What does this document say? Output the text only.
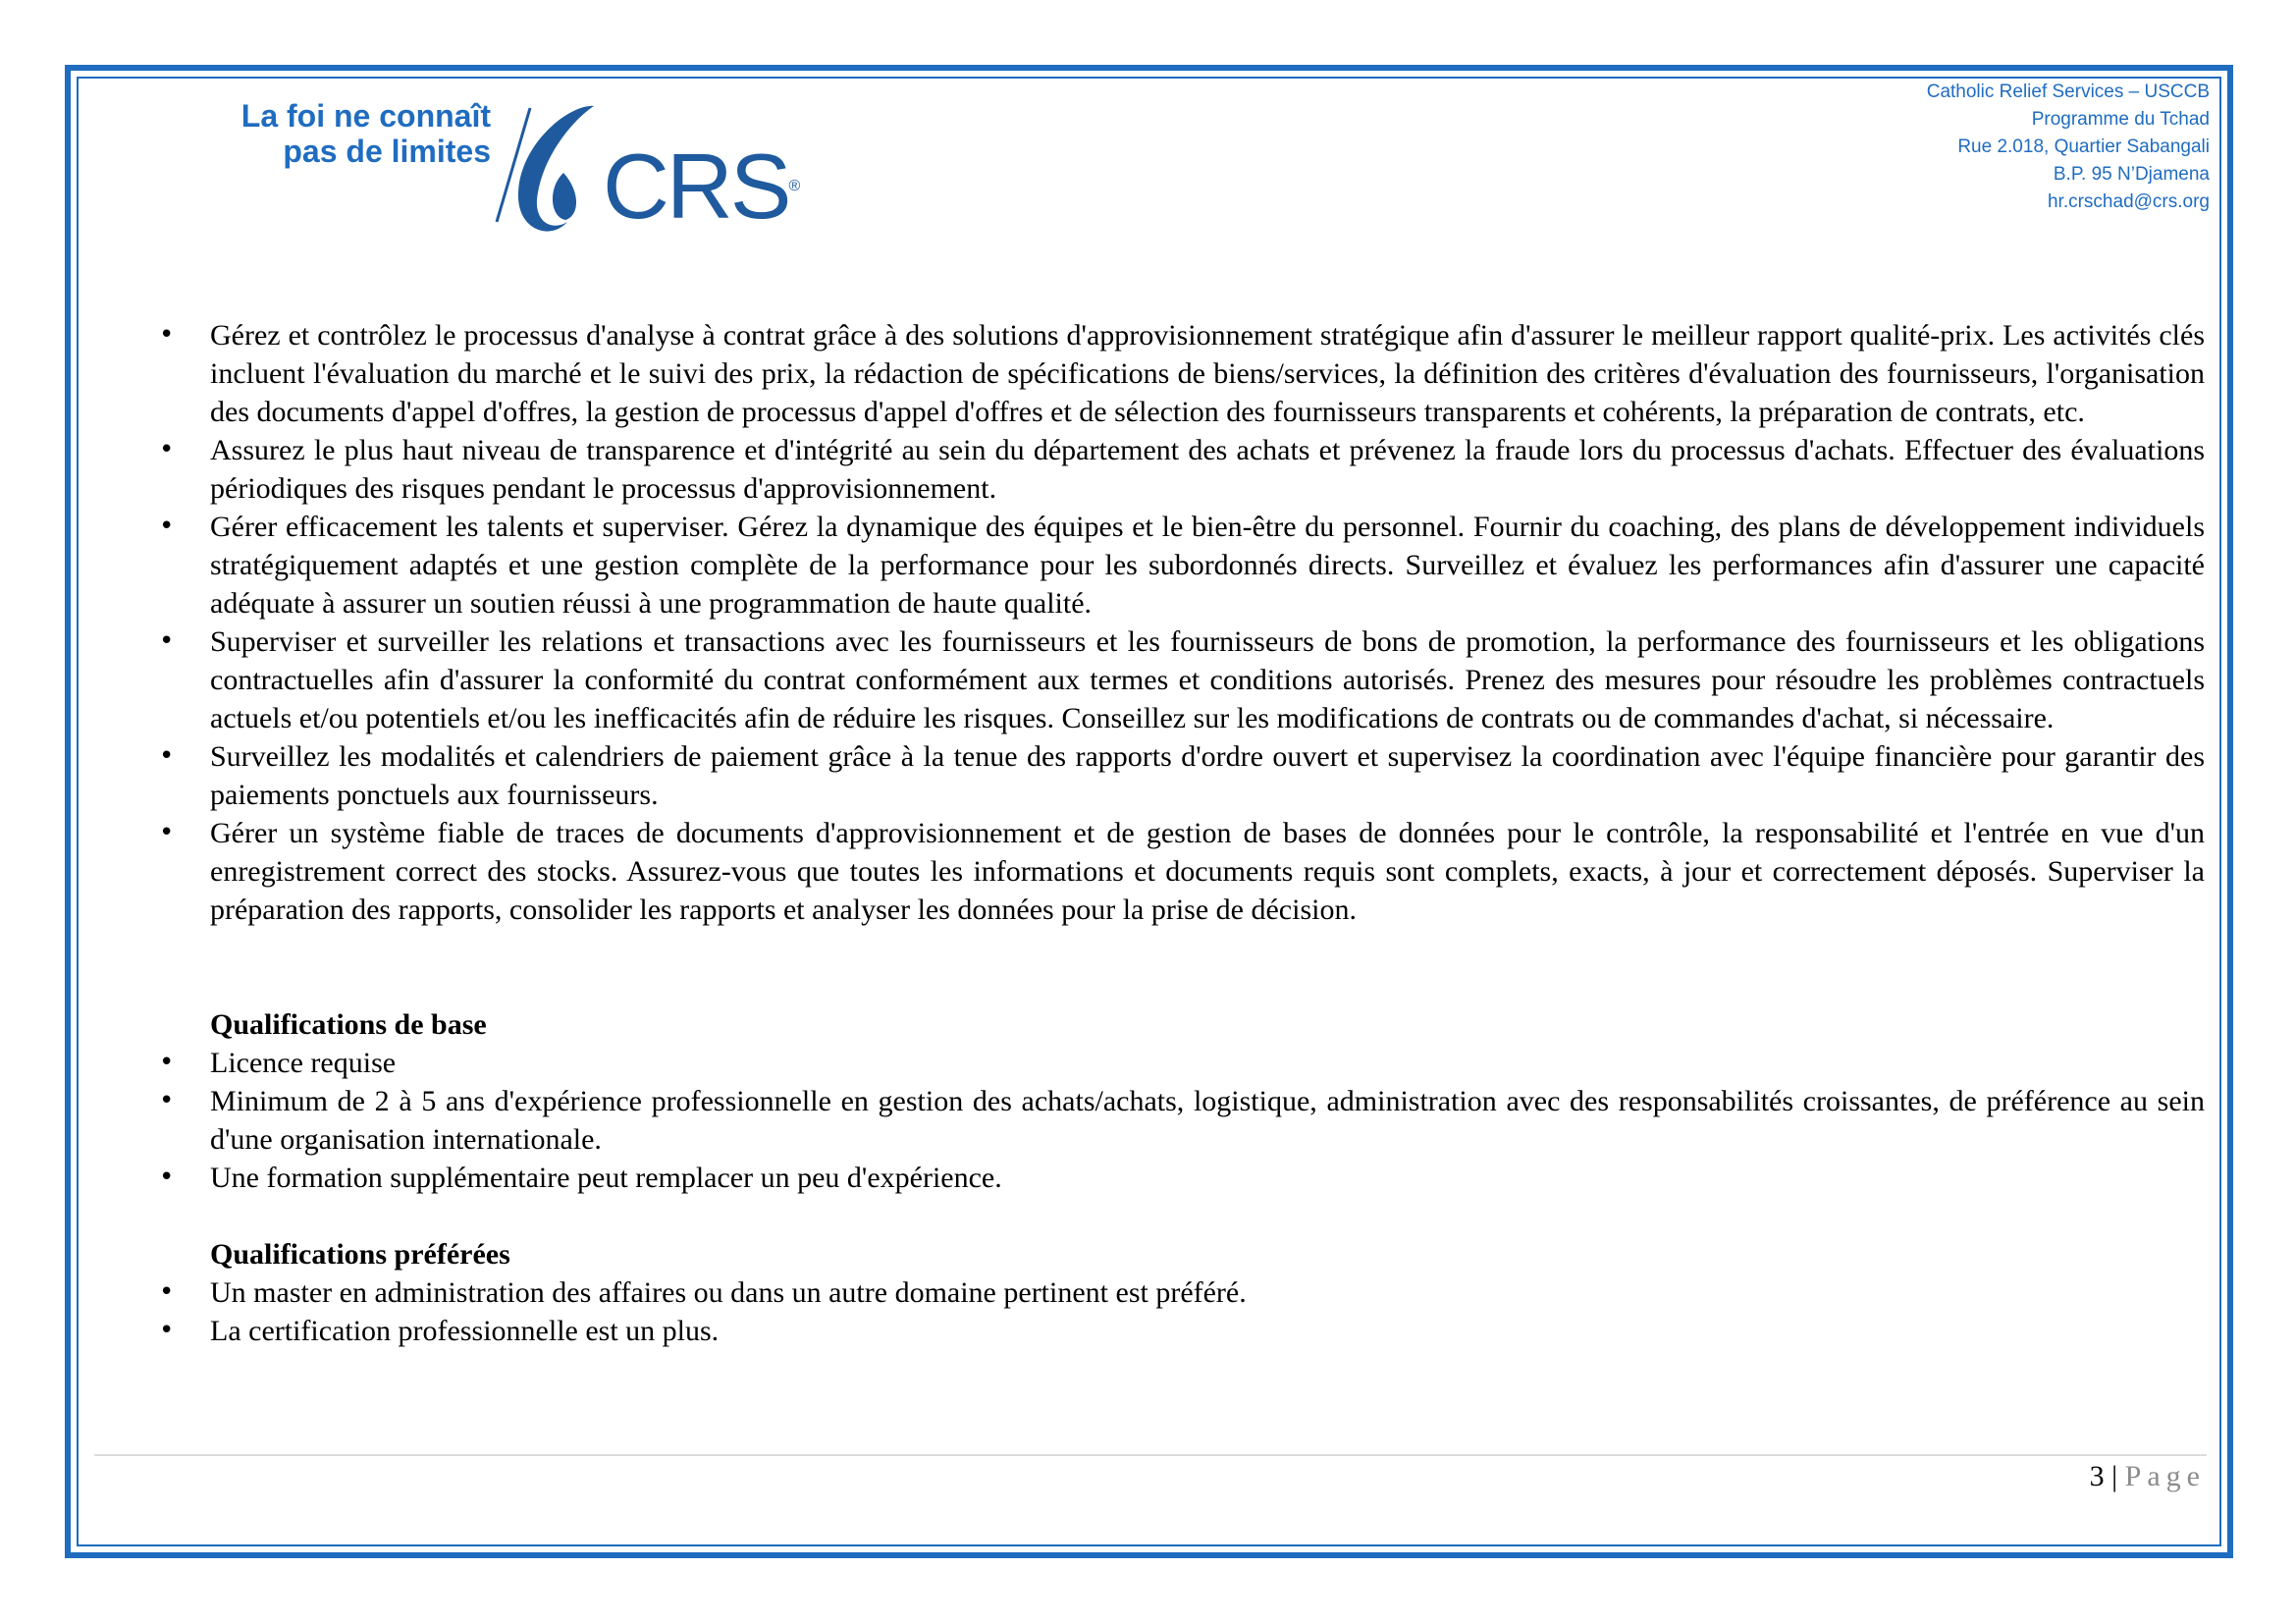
La foi ne connaît
pas de limites CRS®
Catholic Relief Services – USCCB
Programme du Tchad
Rue 2.018, Quartier Sabangali
B.P. 95 N’Djamena
hr.crschad@crs.org
• Gérez et contrôlez le processus d'analyse à contrat grâce à des solutions d'approvisionnement stratégique afin d'assurer le meilleur rapport qualité-prix. Les activités clés incluent l'évaluation du marché et le suivi des prix, la rédaction de spécifications de biens/services, la définition des critères d'évaluation des fournisseurs, l'organisation des documents d'appel d'offres, la gestion de processus d'appel d'offres et de sélection des fournisseurs transparents et cohérents, la préparation de contrats, etc.
• Assurez le plus haut niveau de transparence et d'intégrité au sein du département des achats et prévenez la fraude lors du processus d'achats. Effectuer des évaluations périodiques des risques pendant le processus d'approvisionnement.
• Gérer efficacement les talents et superviser. Gérez la dynamique des équipes et le bien-être du personnel. Fournir du coaching, des plans de développement individuels stratégiquement adaptés et une gestion complète de la performance pour les subordonnés directs. Surveillez et évaluez les performances afin d'assurer une capacité adéquate à assurer un soutien réussi à une programmation de haute qualité.
• Superviser et surveiller les relations et transactions avec les fournisseurs et les fournisseurs de bons de promotion, la performance des fournisseurs et les obligations contractuelles afin d'assurer la conformité du contrat conformément aux termes et conditions autorisés. Prenez des mesures pour résoudre les problèmes contractuels actuels et/ou potentiels et/ou les inefficacités afin de réduire les risques. Conseillez sur les modifications de contrats ou de commandes d'achat, si nécessaire.
• Surveillez les modalités et calendriers de paiement grâce à la tenue des rapports d'ordre ouvert et supervisez la coordination avec l'équipe financière pour garantir des paiements ponctuels aux fournisseurs.
• Gérer un système fiable de traces de documents d'approvisionnement et de gestion de bases de données pour le contrôle, la responsabilité et l'entrée en vue d'un enregistrement correct des stocks. Assurez-vous que toutes les informations et documents requis sont complets, exacts, à jour et correctement déposés. Superviser la préparation des rapports, consolider les rapports et analyser les données pour la prise de décision.
Qualifications de base
• Licence requise
• Minimum de 2 à 5 ans d'expérience professionnelle en gestion des achats/achats, logistique, administration avec des responsabilités croissantes, de préférence au sein d'une organisation internationale.
• Une formation supplémentaire peut remplacer un peu d'expérience.
Qualifications préférées
• Un master en administration des affaires ou dans un autre domaine pertinent est préféré.
• La certification professionnelle est un plus.
3 | Page
